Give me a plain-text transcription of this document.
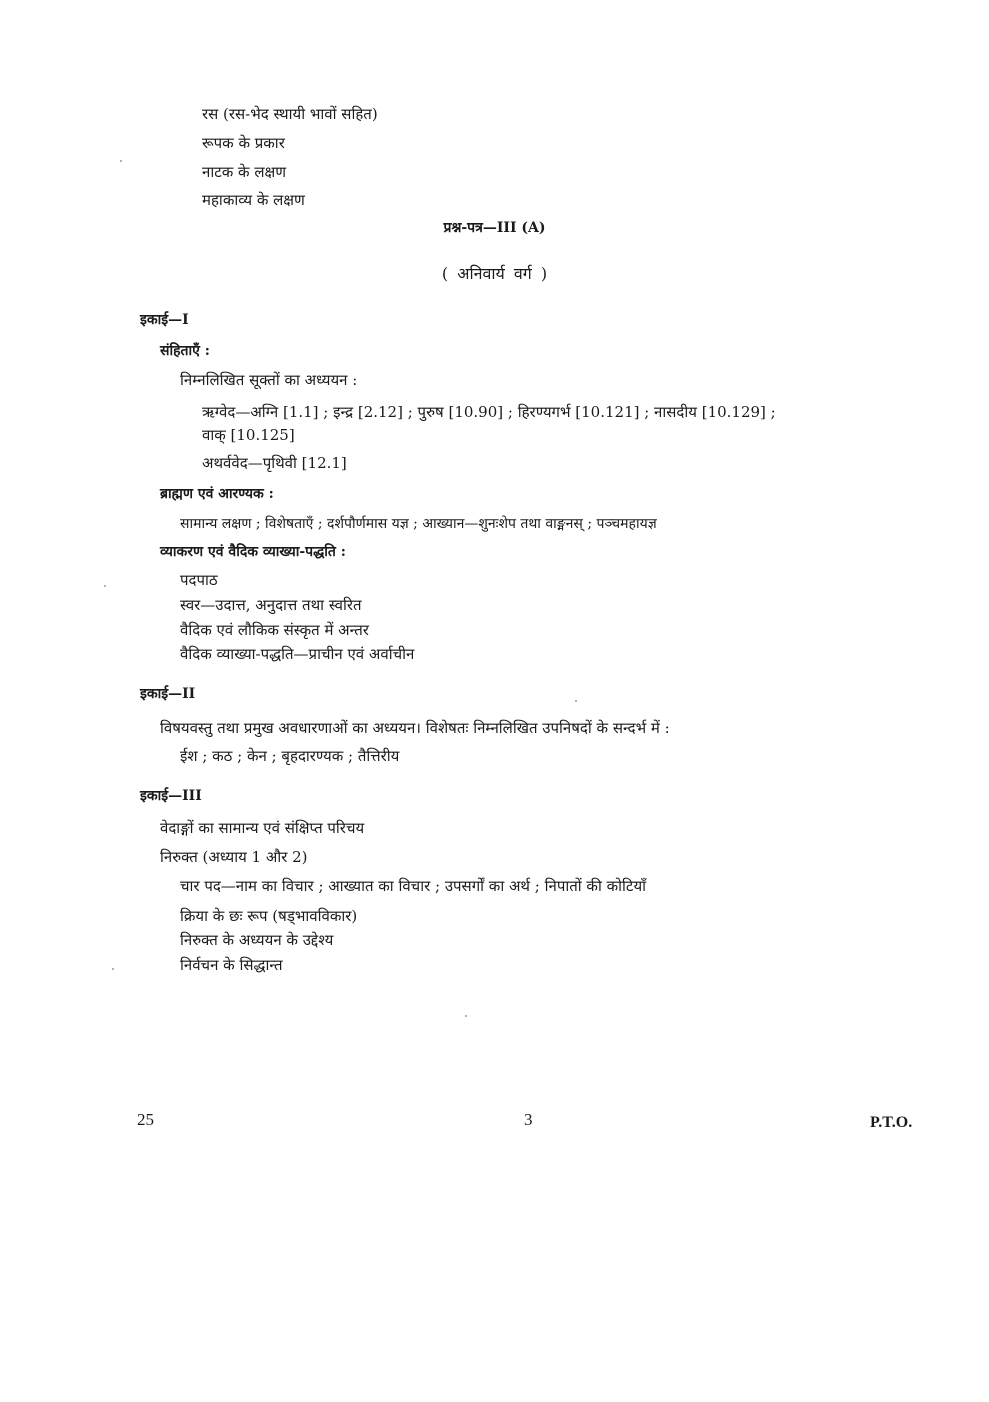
रस (रस-भेद स्थायी भावों सहित)
रूपक के प्रकार
नाटक के लक्षण
महाकाव्य के लक्षण
प्रश्न-पत्र—III (A)
( अनिवार्य वर्ग )
इकाई—I
संहिताएँ :
निम्नलिखित सूक्तों का अध्ययन :
ऋग्वेद—अग्नि [1.1] ; इन्द्र [2.12] ; पुरुष [10.90] ; हिरण्यगर्भ [10.121] ; नासदीय [10.129] ;
वाक् [10.125]
अथर्ववेद—पृथिवी [12.1]
ब्राह्मण एवं आरण्यक :
सामान्य लक्षण ; विशेषताएँ ; दर्शपौर्णमास यज्ञ ; आख्यान—शुनःशेप तथा वाङ्मनस् ; पञ्चमहायज्ञ
व्याकरण एवं वैदिक व्याख्या-पद्धति :
पदपाठ
स्वर—उदात्त, अनुदात्त तथा स्वरित
वैदिक एवं लौकिक संस्कृत में अन्तर
वैदिक व्याख्या-पद्धति—प्राचीन एवं अर्वाचीन
इकाई—II
विषयवस्तु तथा प्रमुख अवधारणाओं का अध्ययन। विशेषतः निम्नलिखित उपनिषदों के सन्दर्भ में :
ईश ; कठ ; केन ; बृहदारण्यक ; तैत्तिरीय
इकाई—III
वेदाङ्गों का सामान्य एवं संक्षिप्त परिचय
निरुक्त (अध्याय 1 और 2)
चार पद—नाम का विचार ; आख्यात का विचार ; उपसर्गों का अर्थ ; निपातों की कोटियाँ
क्रिया के छः रूप (षड्भावविकार)
निरुक्त के अध्ययन के उद्देश्य
निर्वचन के सिद्धान्त
25	3	P.T.O.
